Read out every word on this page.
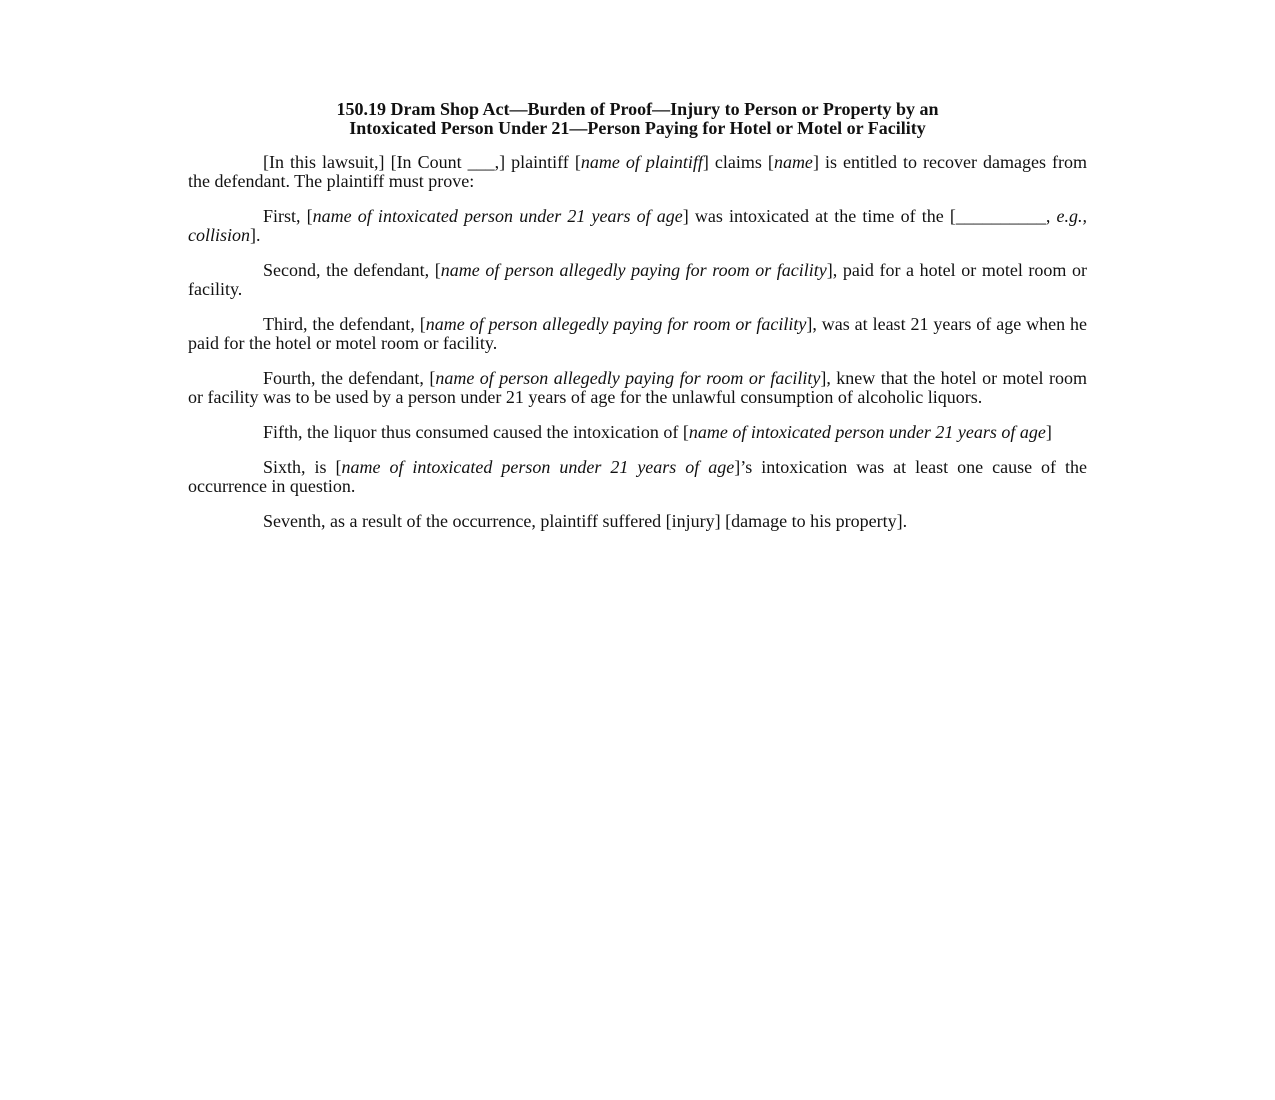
150.19 Dram Shop Act—Burden of Proof—Injury to Person or Property by an
Intoxicated Person Under 21—Person Paying for Hotel or Motel or Facility

[In this lawsuit,] [In Count ___,] plaintiff [name of plaintiff] claims [name] is entitled to recover damages from the defendant. The plaintiff must prove:

First, [name of intoxicated person under 21 years of age] was intoxicated at the time of the [__________, e.g., collision].

Second, the defendant, [name of person allegedly paying for room or facility], paid for a hotel or motel room or facility.

Third, the defendant, [name of person allegedly paying for room or facility], was at least 21 years of age when he paid for the hotel or motel room or facility.

Fourth, the defendant, [name of person allegedly paying for room or facility], knew that the hotel or motel room or facility was to be used by a person under 21 years of age for the unlawful consumption of alcoholic liquors.

Fifth, the liquor thus consumed caused the intoxication of [name of intoxicated person under 21 years of age]

Sixth, is [name of intoxicated person under 21 years of age]’s intoxication was at least one cause of the occurrence in question.

Seventh, as a result of the occurrence, plaintiff suffered [injury] [damage to his property].
